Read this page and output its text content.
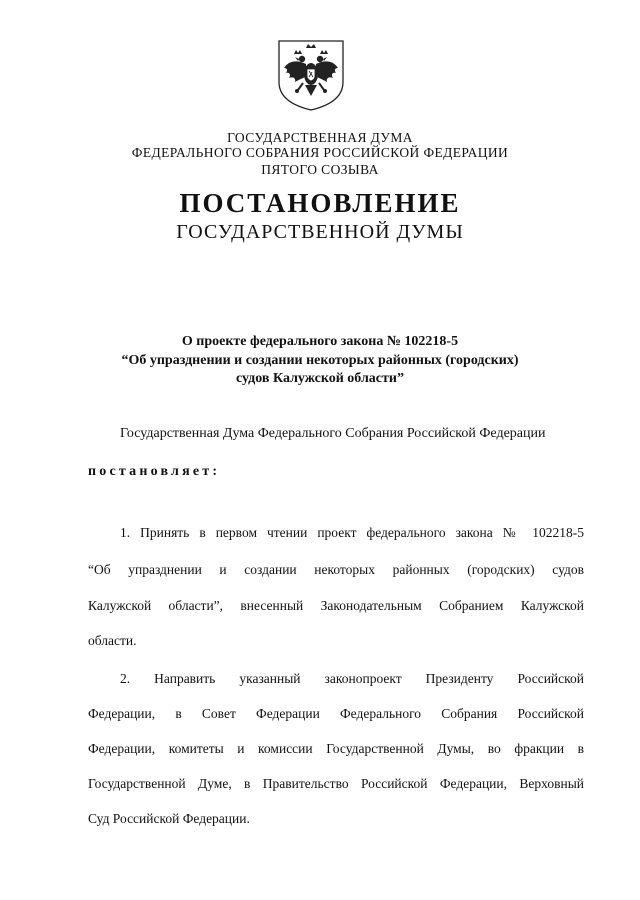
ГОСУДАРСТВЕННАЯ ДУМА
ФЕДЕРАЛЬНОГО СОБРАНИЯ РОССИЙСКОЙ ФЕДЕРАЦИИ
ПЯТОГО СОЗЫВА
ПОСТАНОВЛЕНИЕ
ГОСУДАРСТВЕННОЙ ДУМЫ
О проекте федерального закона № 102218-5
“Об упразднении и создании некоторых районных (городских)
судов Калужской области”
Государственная Дума Федерального Собрания Российской Федерации
постановляет:
1. Принять в первом чтении проект федерального закона № 102218-5
“Об упразднении и создании некоторых районных (городских) судов
Калужской области”, внесенный Законодательным Собранием Калужской
области.
2. Направить указанный законопроект Президенту Российской
Федерации, в Совет Федерации Федерального Собрания Российской
Федерации, комитеты и комиссии Государственной Думы, во фракции в
Государственной Думе, в Правительство Российской Федерации, Верховный
Суд Российской Федерации.
